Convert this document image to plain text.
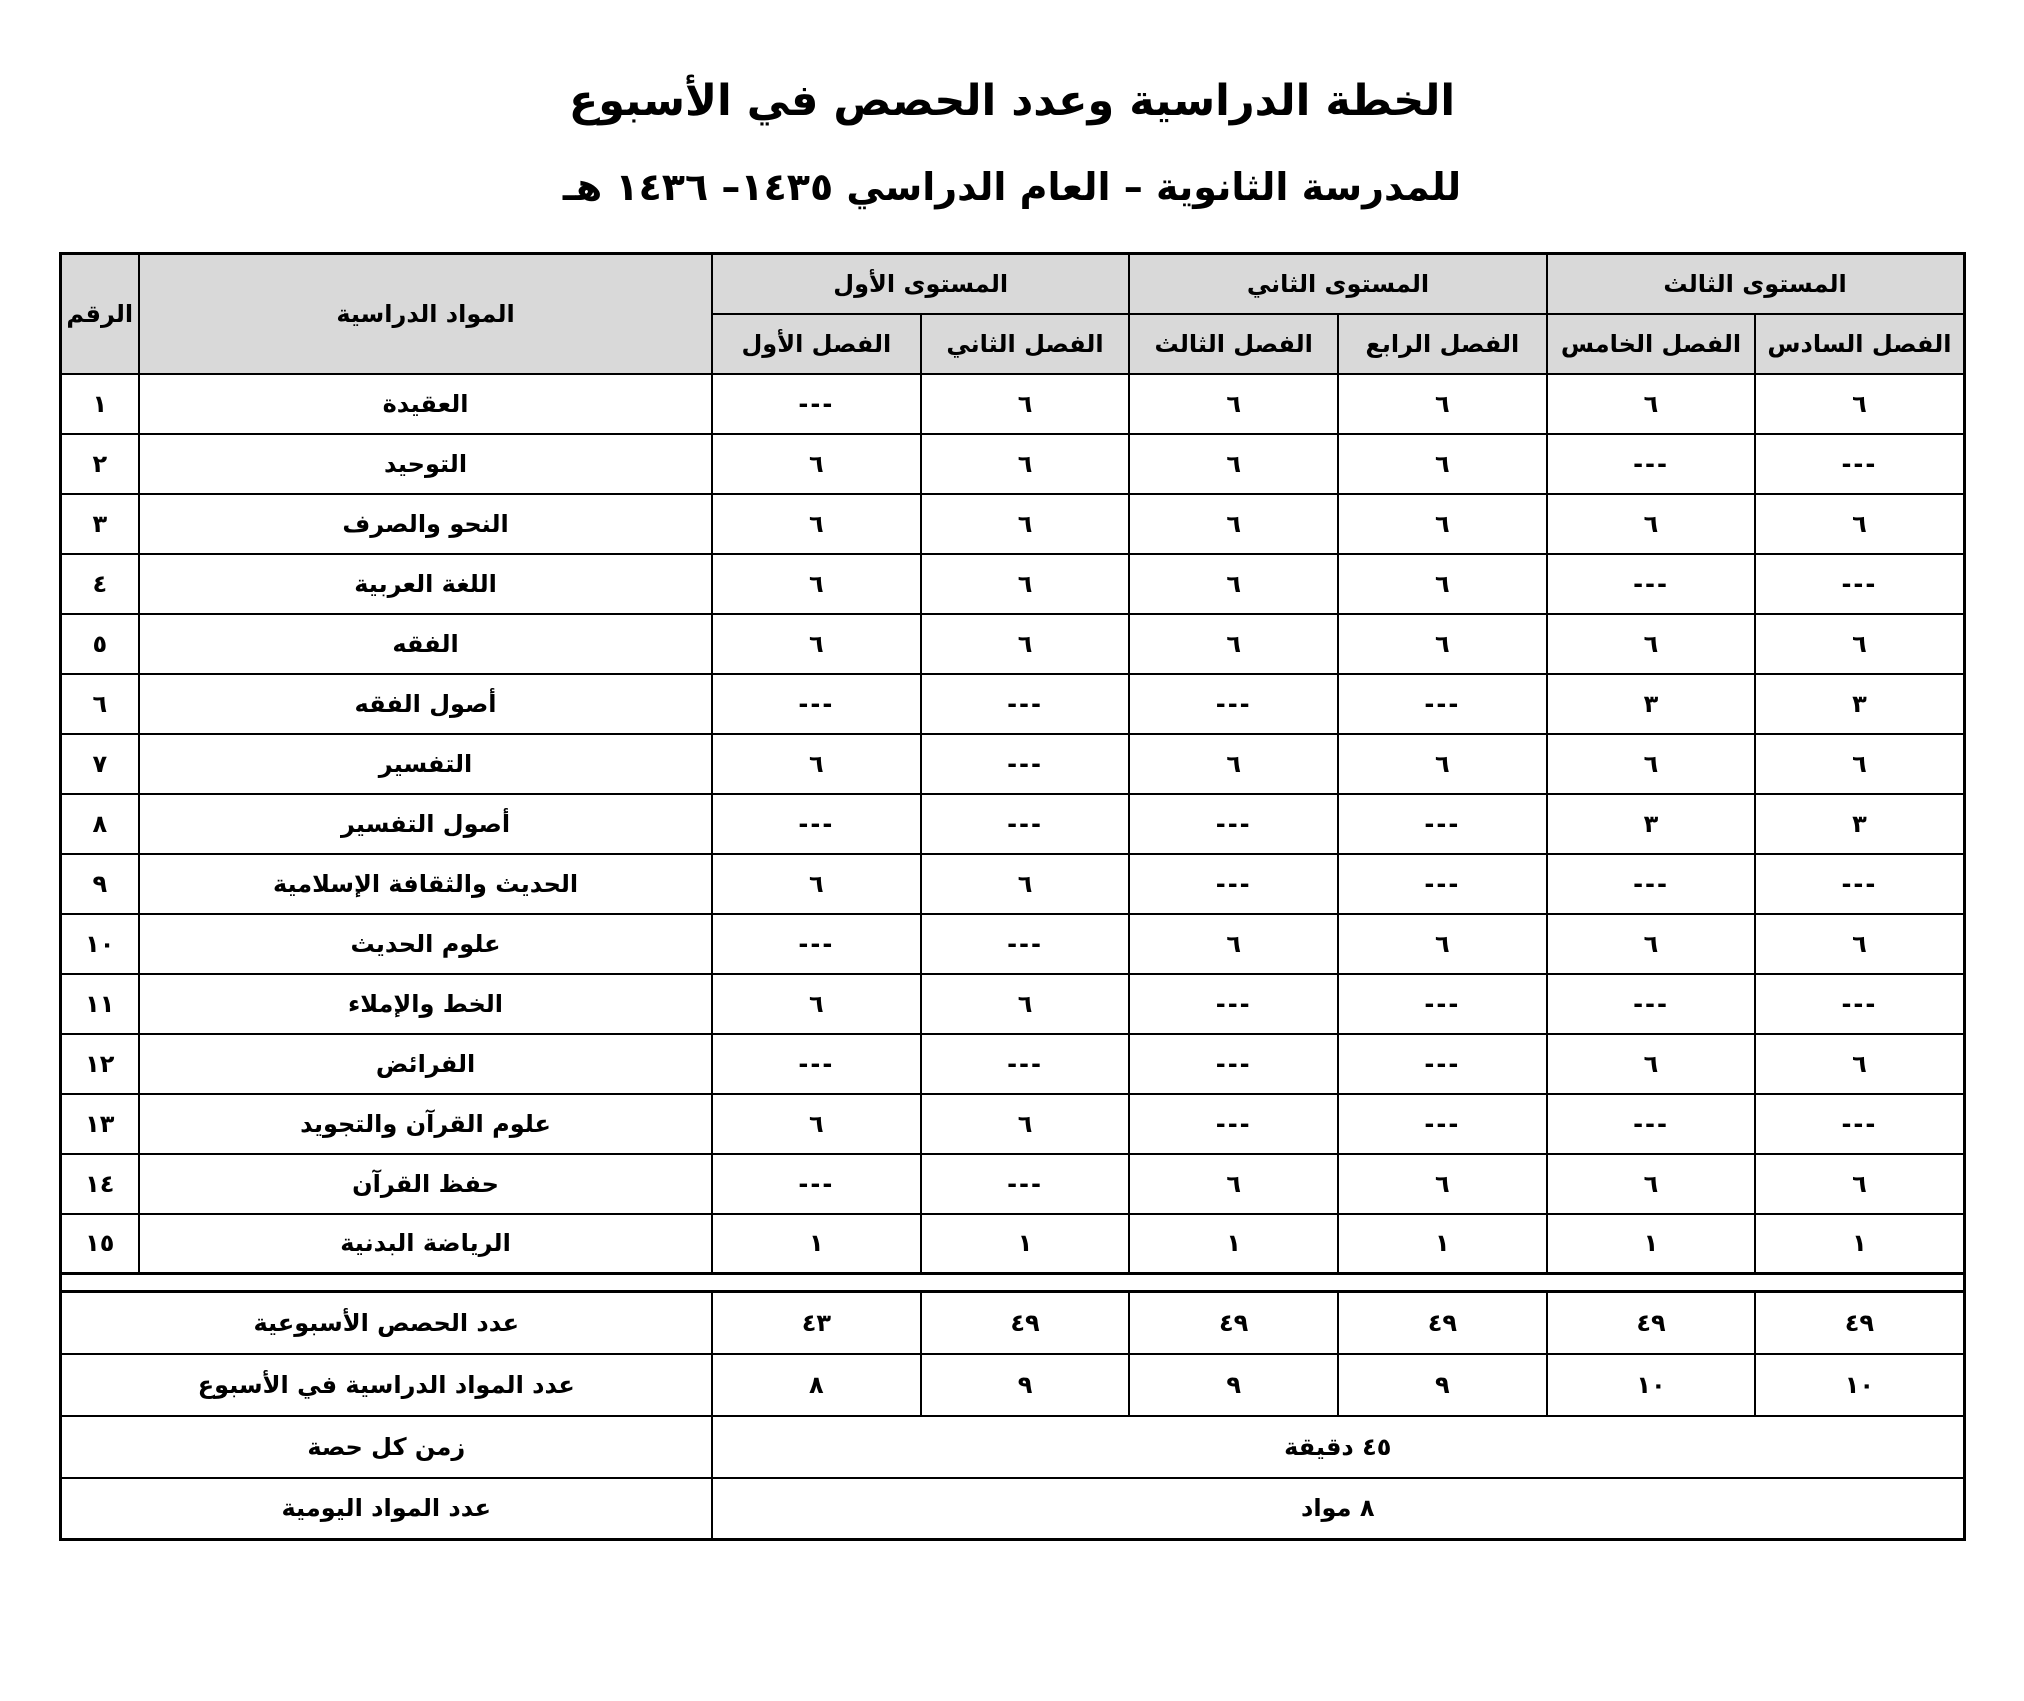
الخطة الدراسية وعدد الحصص في الأسبوع
للمدرسة الثانوية – العام الدراسي ١٤٣٥– ١٤٣٦ هـ
المستوى الثالث		المستوى الثاني		المستوى الأول		المواد الدراسية	الرقم
الفصل السادس	الفصل الخامس	الفصل الرابع	الفصل الثالث	الفصل الثاني	الفصل الأول		
٦	٦	٦	٦	٦	---	العقيدة	١
---	---	٦	٦	٦	٦	التوحيد	٢
٦	٦	٦	٦	٦	٦	النحو والصرف	٣
---	---	٦	٦	٦	٦	اللغة العربية	٤
٦	٦	٦	٦	٦	٦	الفقه	٥
٣	٣	---	---	---	---	أصول الفقه	٦
٦	٦	٦	٦	---	٦	التفسير	٧
٣	٣	---	---	---	---	أصول التفسير	٨
---	---	---	---	٦	٦	الحديث والثقافة الإسلامية	٩
٦	٦	٦	٦	---	---	علوم الحديث	١٠
---	---	---	---	٦	٦	الخط والإملاء	١١
٦	٦	---	---	---	---	الفرائض	١٢
---	---	---	---	٦	٦	علوم القرآن والتجويد	١٣
٦	٦	٦	٦	---	---	حفظ القرآن	١٤
١	١	١	١	١	١	الرياضة البدنية	١٥

٤٩	٤٩	٤٩	٤٩	٤٩	٤٣	عدد الحصص الأسبوعية	
١٠	١٠	٩	٩	٩	٨	عدد المواد الدراسية في الأسبوع	
٤٥ دقيقة						زمن كل حصة	
٨ مواد						عدد المواد اليومية	
